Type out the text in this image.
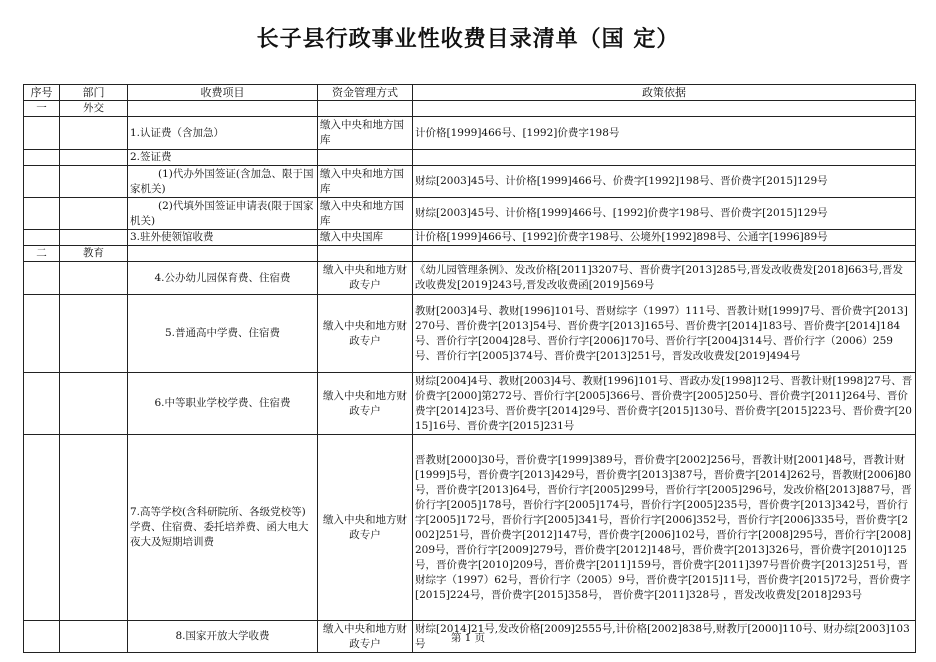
长子县行政事业性收费目录清单（国 定）
序号	部门	收费项目	资金管理方式	政策依据
一	外交			
		1.认证费（含加急）	缴入中央和地方国库	计价格[1999]466号、[1992]价费字198号
		2.签证费		
		(1)代办外国签证(含加急、限于国家机关)	缴入中央和地方国库	财综[2003]45号、计价格[1999]466号、价费字[1992]198号、晋价费字[2015]129号
		(2)代填外国签证申请表(限于国家机关)	缴入中央和地方国库	财综[2003]45号、计价格[1999]466号、[1992]价费字198号、晋价费字[2015]129号
		3.驻外使领馆收费	缴入中央国库	计价格[1999]466号、[1992]价费字198号、公境外[1992]898号、公通字[1996]89号
二	教育			
		4.公办幼儿园保育费、住宿费	缴入中央和地方财政专户	《幼儿园管理条例》、发改价格[2011]3207号、晋价费字[2013]285号,晋发改收费发[2018]663号,晋发改收费发[2019]243号,晋发改收费函[2019]569号
		5.普通高中学费、住宿费	缴入中央和地方财政专户	教财[2003]4号、教财[1996]101号、晋财综字（1997）111号、晋教计财[1999]7号、晋价费字[2013]270号、晋价费字[2013]54号、晋价费字[2013]165号、晋价费字[2014]183号、晋价费字[2014]184号、晋价行字[2004]28号、晋价行字[2006]170号、晋价行字[2004]314号、晋价行字（2006）259号、晋价行字[2005]374号、晋价费字[2013]251号，晋发改收费发[2019]494号
		6.中等职业学校学费、住宿费	缴入中央和地方财政专户	财综[2004]4号、教财[2003]4号、教财[1996]101号、晋政办发[1998]12号、晋教计财[1998]27号、晋价费字[2000]第272号、晋价行字[2005]366号、晋价费字[2005]250号、晋价费字[2011]264号、晋价费字[2014]23号、晋价费字[2014]29号、晋价费字[2015]130号、晋价费字[2015]223号、晋价费字[2015]16号、晋价费字[2015]231号
		7.高等学校(含科研院所、各级党校等)学费、住宿费、委托培养费、函大电大夜大及短期培训费	缴入中央和地方财政专户	晋教财[2000]30号，晋价费字[1999]389号，晋价费字[2002]256号，晋教计财[2001]48号，晋教计财[1999]5号，晋价费字[2013]429号，晋价费字[2013]387号，晋价费字[2014]262号，晋教财[2006]80号，晋价费字[2013]64号，晋价行字[2005]299号，晋价行字[2005]296号，发改价格[2013]887号，晋价行字[2005]178号，晋价行字[2005]174号，晋价行字[2005]235号，晋价费字[2013]342号，晋价行字[2005]172号，晋价行字[2005]341号，晋价行字[2006]352号，晋价行字[2006]335号，晋价费字[2002]251号，晋价费字[2012]147号，晋价费字[2006]102号，晋价行字[2008]295号，晋价行字[2008]209号，晋价行字[2009]279号，晋价费字[2012]148号，晋价费字[2013]326号，晋价费字[2010]125号，晋价费字[2010]209号，晋价费字[2011]159号，晋价费字[2011]397号晋价费字[2013]251号，晋财综字（1997）62号，晋价行字（2005）9号，晋价费字[2015]11号，晋价费字[2015]72号，晋价费字[2015]224号，晋价费字[2015]358号， 晋价费字[2011]328号 ，晋发改收费发[2018]293号
		8.国家开放大学收费	缴入中央和地方财政专户	财综[2014]21号,发改价格[2009]2555号,计价格[2002]838号,财教厅[2000]110号、财办综[2003]103号	第 1 页
